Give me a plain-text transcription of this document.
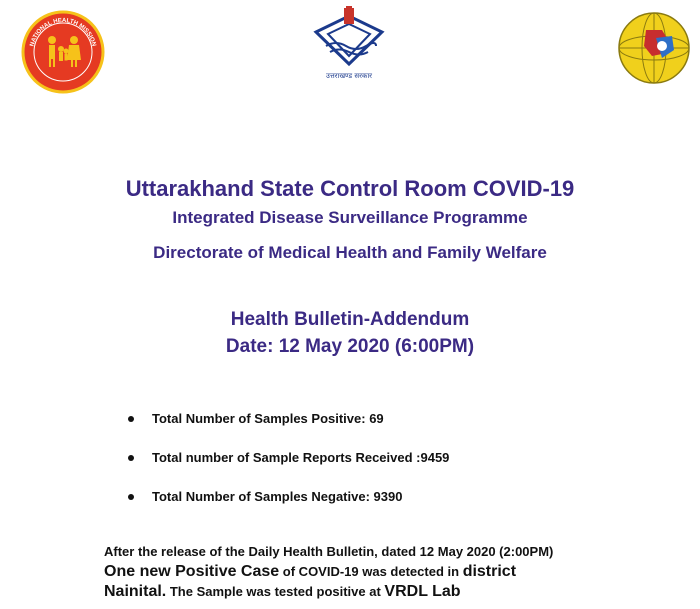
NATIONAL HEALTH MISSION
उत्तराखण्ड सरकार
Uttarakhand State Control Room COVID-19
Integrated Disease Surveillance Programme
Directorate of Medical Health and Family Welfare
Health Bulletin-Addendum
Date: 12 May 2020 (6:00PM)
Total Number of Samples Positive: 69
Total number of Sample Reports Received :9459
Total Number of Samples Negative: 9390
After the release of the Daily Health Bulletin, dated 12 May 2020 (2:00PM)
One new Positive Case of COVID-19 was detected in district
Nainital. The Sample was tested positive at VRDL Lab
